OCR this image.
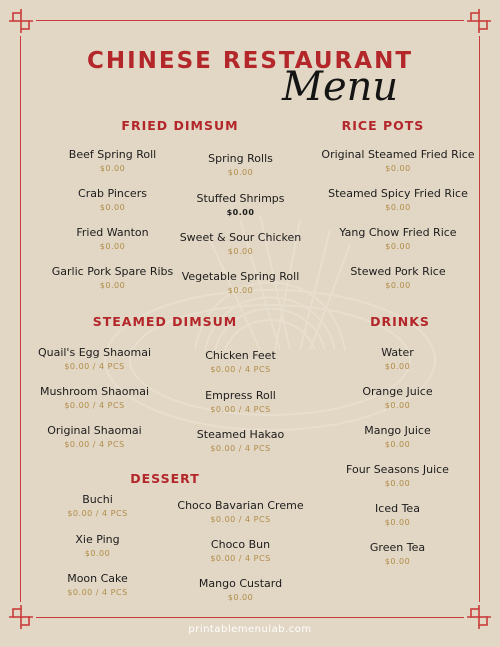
CHINESE RESTAURANT
Menu
FRIED DIMSUM
Beef Spring Roll
$0.00
Crab Pincers
$0.00
Fried Wanton
$0.00
Garlic Pork Spare Ribs
$0.00
Spring Rolls
$0.00
Stuffed Shrimps
$0.00
Sweet & Sour Chicken
$0.00
Vegetable Spring Roll
$0.00
RICE POTS
Original Steamed Fried Rice
$0.00
Steamed Spicy Fried Rice
$0.00
Yang Chow Fried Rice
$0.00
Stewed Pork Rice
$0.00
STEAMED DIMSUM
Quail's Egg Shaomai
$0.00 / 4 PCS
Mushroom Shaomai
$0.00 / 4 PCS
Original Shaomai
$0.00 / 4 PCS
Chicken Feet
$0.00 / 4 PCS
Empress Roll
$0.00 / 4 PCS
Steamed Hakao
$0.00 / 4 PCS
DRINKS
Water
$0.00
Orange Juice
$0.00
Mango Juice
$0.00
Four Seasons Juice
$0.00
Iced Tea
$0.00
Green Tea
$0.00
DESSERT
Buchi
$0.00 / 4 PCS
Xie Ping
$0.00
Moon Cake
$0.00 / 4 PCS
Choco Bavarian Creme
$0.00 / 4 PCS
Choco Bun
$0.00 / 4 PCS
Mango Custard
$0.00
printablemenulab.com
